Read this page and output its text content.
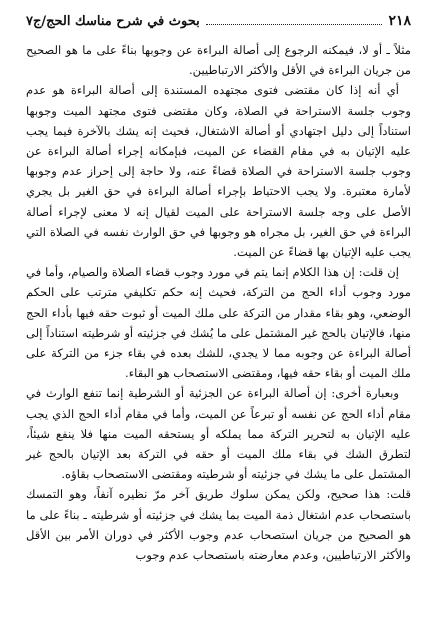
٢١٨
بحوث في شرح مناسك الحج/ج٧

مثلاً ـ أو لا، فيمكنه الرجوع إلى أصالة البراءة عن وجوبها بناءً على ما هو الصحيح من جريان البراءة في الأقل والأكثر الارتباطيين.

أي أنه إذا كان مقتضى فتوى مجتهده المستندة إلى أصالة البراءة هو عدم وجوب جلسة الاستراحة في الصلاة، وكان مقتضى فتوى مجتهد الميت وجوبها استناداً إلى دليل اجتهادي أو أصالة الاشتغال، فحيث إنه يشك بالآخرة فيما يجب عليه الإتيان به في مقام القضاء عن الميت، فبإمكانه إجراء أصالة البراءة عن وجوب جلسة الاستراحة في الصلاة قضاءً عنه، ولا حاجة إلى إحراز عدم وجوبها لأمارة معتبرة. ولا يجب الاحتياط بإجراء أصالة البراءة في حق الغير بل يجري الأصل على وجه جلسة الاستراحة على الميت لقيال إنه لا معنى لإجراء أصالة البراءة في حق الغير، بل مجراه هو وجوبها في حق الوارث نفسه في الصلاة التي يجب عليه الإتيان بها قضاءً عن الميت.

إن قلت: إن هذا الكلام إنما يتم في مورد وجوب قضاء الصلاة والصيام، وأما في مورد وجوب أداء الحج من التركة، فحيث إنه حكم تكليفي مترتب على الحكم الوضعي، وهو بقاء مقدار من التركة على ملك الميت أو ثبوت حقه فيها بأداء الحج منها، فالإتيان بالحج غير المشتمل على ما يُشك في جزئيته أو شرطيته استناداً إلى أصالة البراءة عن وجوبه مما لا يجدي، للشك بعده في بقاء جزء من التركة على ملك الميت أو بقاء حقه فيها، ومقتضى الاستصحاب هو البقاء.

وبعبارة أخرى: إن أصالة البراءة عن الجزئية أو الشرطية إنما تنفع الوارث في مقام أداء الحج عن نفسه أو تبرعاً عن الميت، وأما في مقام أداء الحج الذي يجب عليه الإتيان به لتحرير التركة مما يملكه أو يستحقه الميت منها فلا ينفع شيئاً، لتطرق الشك في بقاء ملك الميت أو حقه في التركة بعد الإتيان بالحج غير المشتمل على ما يشك في جزئيته أو شرطيته ومقتضى الاستصحاب بقاؤه.

قلت: هذا صحيح، ولكن يمكن سلوك طريق آخر مرّ نظيره آنفاً، وهو التمسك باستصحاب عدم اشتغال ذمة الميت بما يشك في جزئيته أو شرطيته ـ بناءً على ما هو الصحيح من جريان استصحاب عدم وجوب الأكثر في دوران الأمر بين الأقل والأكثر الارتباطيين، وعدم معارضته باستصحاب عدم وجوب
